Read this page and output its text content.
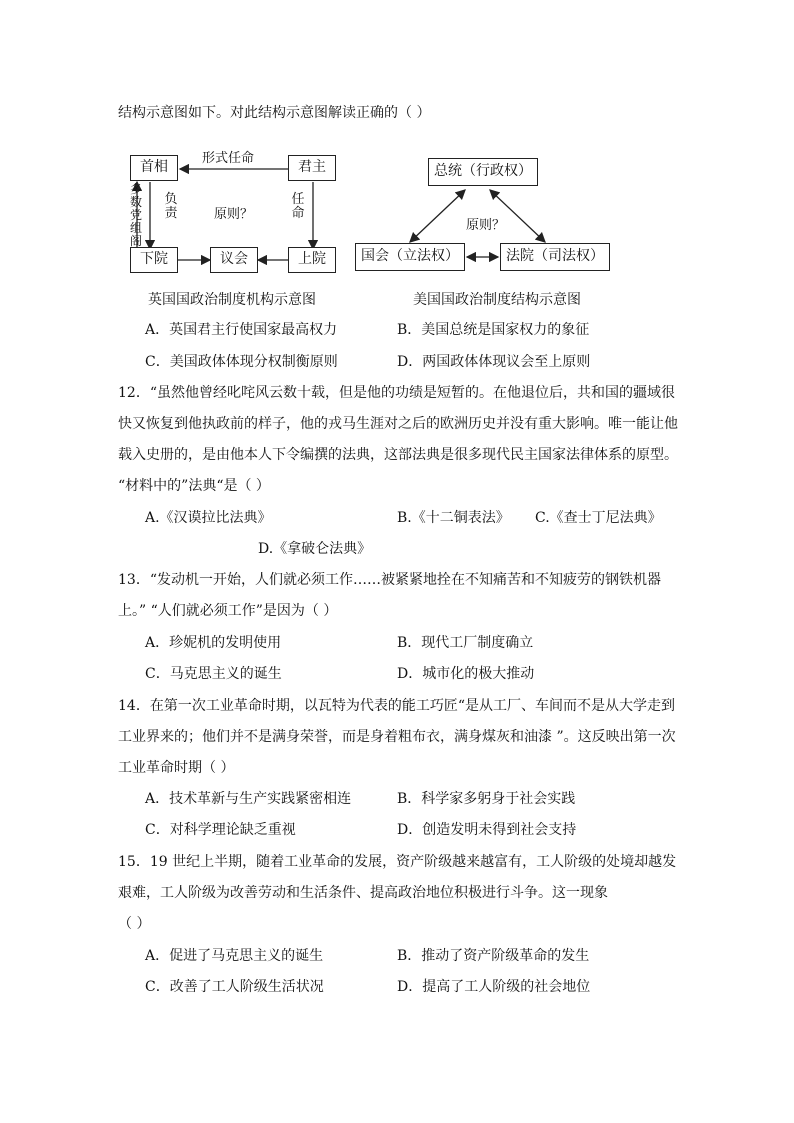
结构示意图如下。对此结构示意图解读正确的（ ）
首相	君主
下院	议会	上院
形式任命
多数党组阁
负责
任命
原则？
总统（行政权）
国会（立法权）	法院（司法权）
原则？
英国国政治制度机构示意图	美国国政治制度结构示意图
A．英国君主行使国家最高权力	B．美国总统是国家权力的象征
C．美国政体体现分权制衡原则	D．两国政体体现议会至上原则
12．“虽然他曾经叱咤风云数十载，但是他的功绩是短暂的。在他退位后，共和国的疆域很
快又恢复到他执政前的样子，他的戎马生涯对之后的欧洲历史并没有重大影响。唯一能让他
载入史册的，是由他本人下令编撰的法典，这部法典是很多现代民主国家法律体系的原型。
“材料中的”法典“是（ ）
A.《汉谟拉比法典》	B.《十二铜表法》 C.《查士丁尼法典》
D.《拿破仑法典》
13．“发动机一开始，人们就必须工作……被紧紧地拴在不知痛苦和不知疲劳的钢铁机器
上。” “人们就必须工作”是因为（ ）
A．珍妮机的发明使用	B．现代工厂制度确立
C．马克思主义的诞生	D．城市化的极大推动
14．在第一次工业革命时期，以瓦特为代表的能工巧匠“是从工厂、车间而不是从大学走到
工业界来的；他们并不是满身荣誉，而是身着粗布衣，满身煤灰和油漆 ”。这反映出第一次
工业革命时期（ ）
A．技术革新与生产实践紧密相连	B．科学家多躬身于社会实践
C．对科学理论缺乏重视	D．创造发明未得到社会支持
15．19 世纪上半期，随着工业革命的发展，资产阶级越来越富有，工人阶级的处境却越发
艰难，工人阶级为改善劳动和生活条件、提高政治地位积极进行斗争。这一现象
（ ）
A．促进了马克思主义的诞生	B．推动了资产阶级革命的发生
C．改善了工人阶级生活状况	D．提高了工人阶级的社会地位
